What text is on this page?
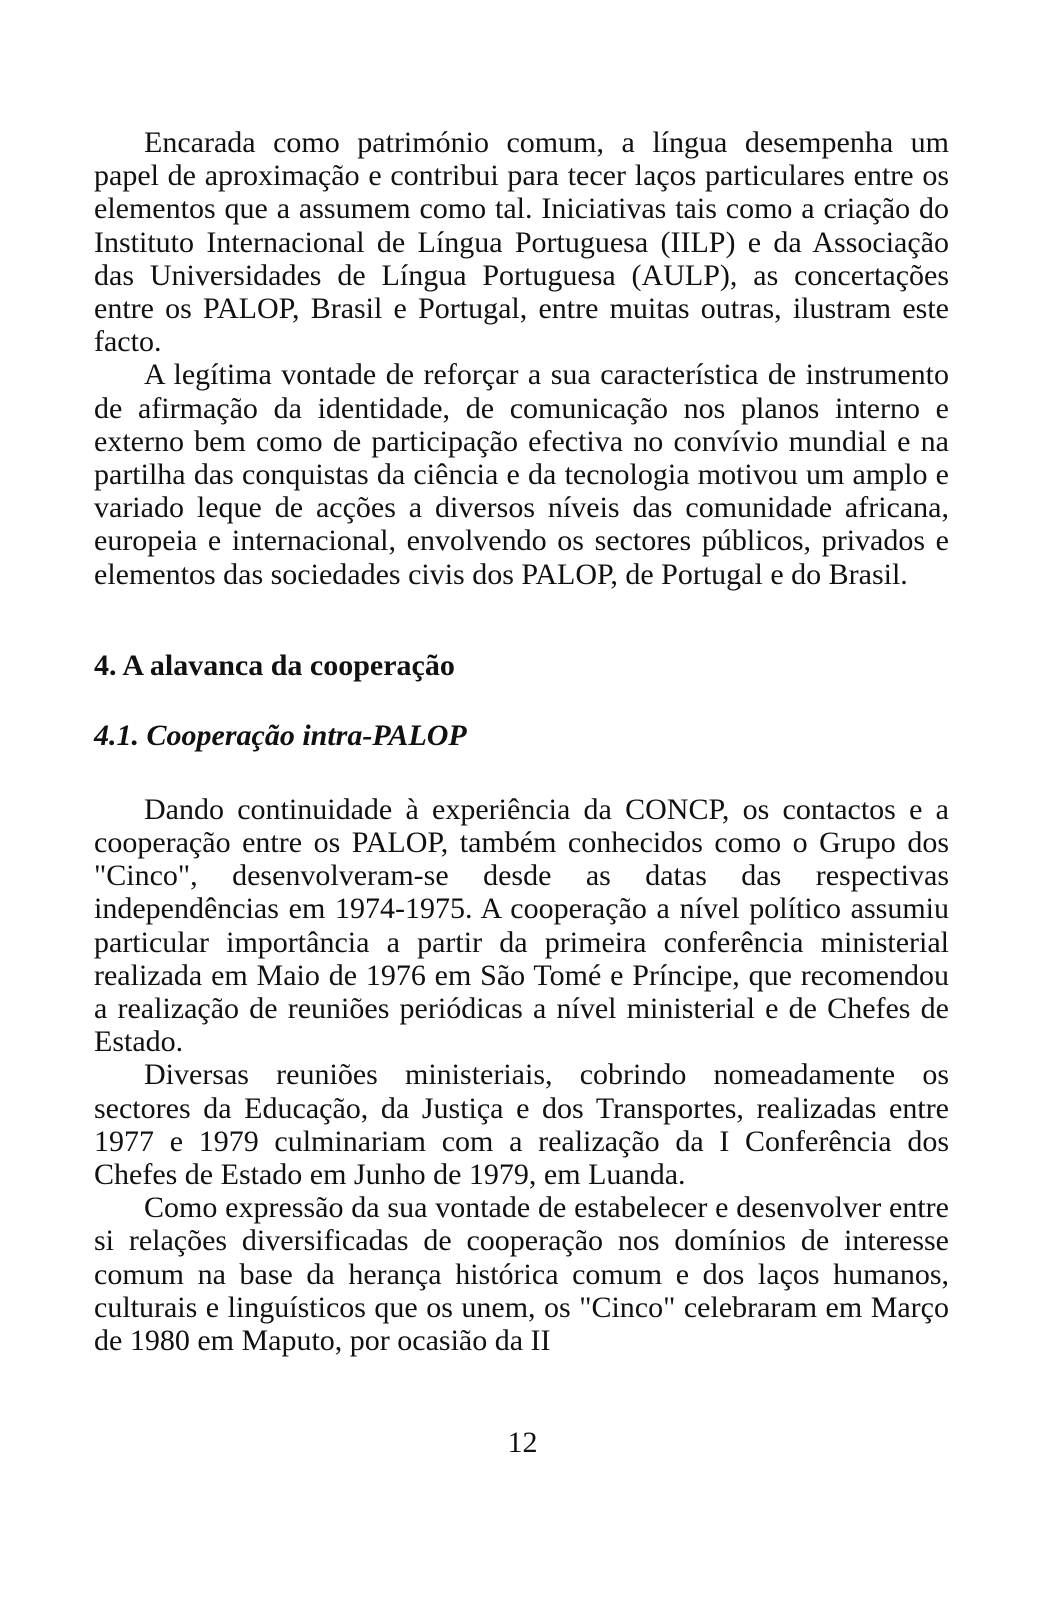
Encarada como património comum, a língua desempenha um papel de aproximação e contribui para tecer laços particulares entre os elementos que a assumem como tal. Iniciativas tais como a criação do Instituto Internacional de Língua Portuguesa (IILP) e da Associação das Universidades de Língua Portuguesa (AULP), as concertações entre os PALOP, Brasil e Portugal, entre muitas outras, ilustram este facto.

A legítima vontade de reforçar a sua característica de instrumento de afirmação da identidade, de comunicação nos planos interno e externo bem como de participação efectiva no convívio mundial e na partilha das conquistas da ciência e da tecnologia motivou um amplo e variado leque de acções a diversos níveis das comunidade africana, europeia e internacional, envolvendo os sectores públicos, privados e elementos das sociedades civis dos PALOP, de Portugal e do Brasil.

4. A alavanca da cooperação
4.1. Cooperação intra-PALOP

Dando continuidade à experiência da CONCP, os contactos e a cooperação entre os PALOP, também conhecidos como o Grupo dos "Cinco", desenvolveram-se desde as datas das respectivas independências em 1974-1975. A cooperação a nível político assumiu particular importância a partir da primeira conferência ministerial realizada em Maio de 1976 em São Tomé e Príncipe, que recomendou a realização de reuniões periódicas a nível ministerial e de Chefes de Estado.

Diversas reuniões ministeriais, cobrindo nomeadamente os sectores da Educação, da Justiça e dos Transportes, realizadas entre 1977 e 1979 culminariam com a realização da I Conferência dos Chefes de Estado em Junho de 1979, em Luanda.

Como expressão da sua vontade de estabelecer e desenvolver entre si relações diversificadas de cooperação nos domínios de interesse comum na base da herança histórica comum e dos laços humanos, culturais e linguísticos que os unem, os "Cinco" celebraram em Março de 1980 em Maputo, por ocasião da II

12
